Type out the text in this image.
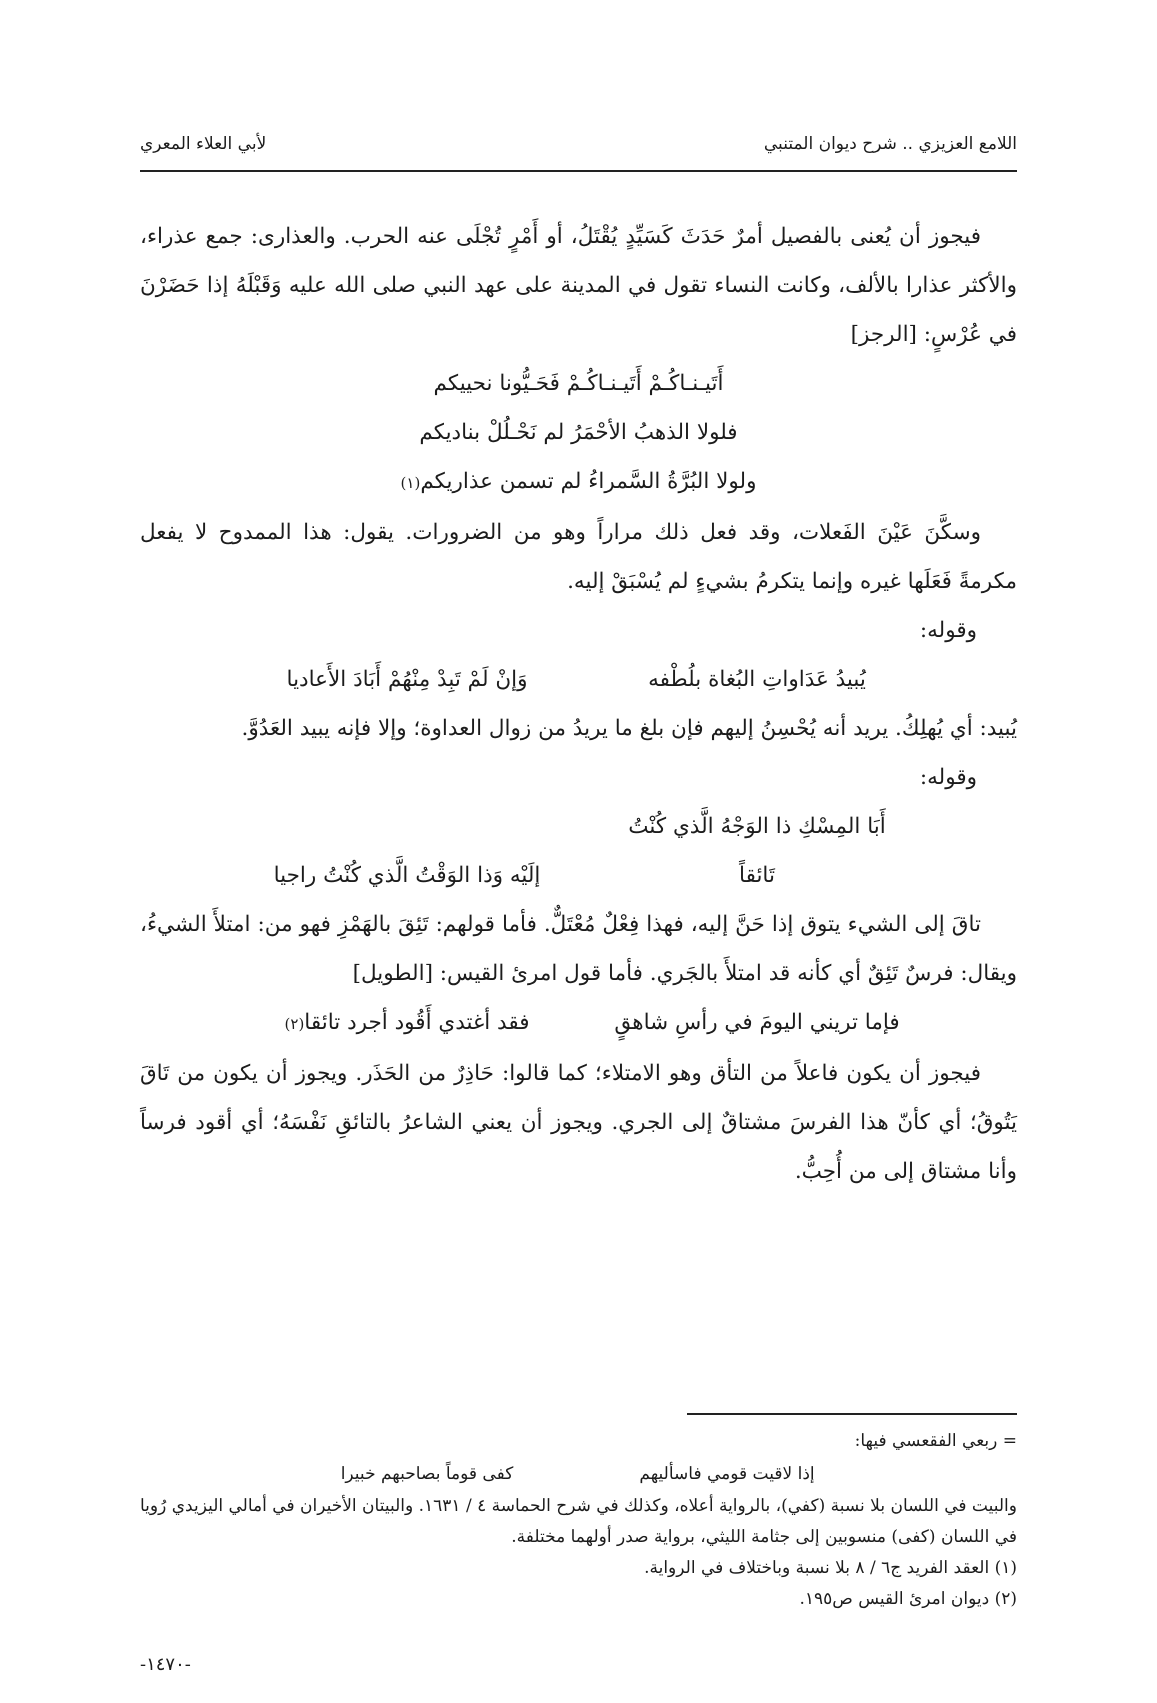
اللامع العزيزي .. شرح ديوان المتنبي
لأبي العلاء المعري

فيجوز أن يُعنى بالفصيل أمرٌ حَدَثَ كَسَيِّدٍ يُقْتَلُ، أو أَمْرٍ تُجْلَى عنه الحرب. والعذارى: جمع عذراء، والأكثر عذارا بالألف، وكانت النساء تقول في المدينة على عهد النبي صلى الله عليه وَقَبْلَهُ إذا حَضَرْنَ في عُرْسٍ: [الرجز]

أَتَيـنـاكُـمْ أَتَيـنـاكُـمْ فَحَـيُّونا نحييكم

فلولا الذهبُ الأحْمَرُ لم نَحْـلُلْ بناديكم

ولولا البُرَّةُ السَّمراءُ لم تسمن عذاريكم(١)

وسكَّنَ عَيْنَ الفَعلات، وقد فعل ذلك مراراً وهو من الضرورات. يقول: هذا الممدوح لا يفعل مكرمةً فَعَلَها غيره وإنما يتكرمُ بشيءٍ لم يُسْبَقْ إليه.

وقوله:

يُبيدُ عَدَاواتِ البُغاة بلُطْفهوَإنْ لَمْ تَبِدْ مِنْهُمْ أَبَادَ الأَعاديا

يُبيد: أي يُهلِكُ. يريد أنه يُحْسِنُ إليهم فإن بلغ ما يريدُ من زوال العداوة؛ وإلا فإنه يبيد العَدُوَّ.

وقوله:

أَبَا المِسْكِ ذا الوَجْهُ الَّذي كُنْتُ تَائقاًإلَيْه وَذا الوَقْتُ الَّذي كُنْتُ راجيا

تاقَ إلى الشيء يتوق إذا حَنَّ إليه، فهذا فِعْلٌ مُعْتَلٌّ. فأما قولهم: تَئِقَ بالهَمْزِ فهو من: امتلأَ الشيءُ، ويقال: فرسٌ تَئِقٌ أي كأنه قد امتلأَ بالجَري. فأما قول امرئ القيس: [الطويل]

فإما تريني اليومَ في رأسِ شاهقٍفقد أغتدي أَقُود أجرد تائقا(٢)

فيجوز أن يكون فاعلاً من التأق وهو الامتلاء؛ كما قالوا: حَاذِرٌ من الحَذَر. ويجوز أن يكون من تَاقَ يَتُوقُ؛ أي كأنّ هذا الفرسَ مشتاقٌ إلى الجري. ويجوز أن يعني الشاعرُ بالتائقِ نَفْسَهُ؛ أي أقود فرساً وأنا مشتاق إلى من أُحِبُّ.

= ربعي الفقعسي فيها:

إذا لاقيت قومي فاسأليهمكفى قوماً بصاحبهم خبيرا

والبيت في اللسان بلا نسبة (كفي)، بالرواية أعلاه، وكذلك في شرح الحماسة ٤ / ١٦٣١. والبيتان الأخيران في أمالي اليزيدي رُويا في اللسان (كفى) منسوبين إلى جثامة الليثي، برواية صدر أولهما مختلفة.

(١) العقد الفريد ج٦ / ٨ بلا نسبة وباختلاف في الرواية.

(٢) ديوان امرئ القيس ص١٩٥.

-١٤٧٠-
